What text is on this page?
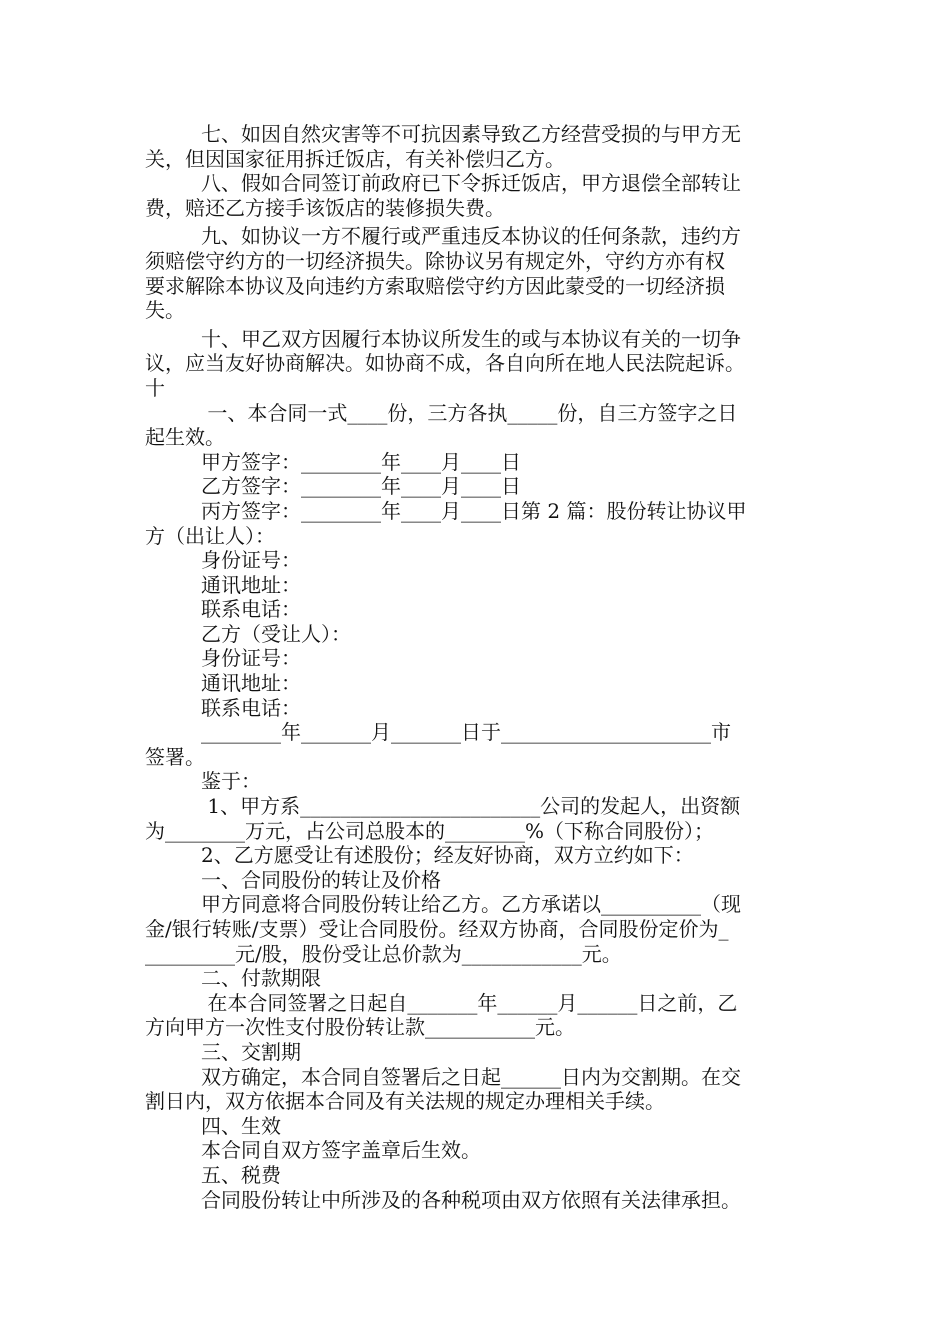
七、如因自然灾害等不可抗因素导致乙方经营受损的与甲方无
关，但因国家征用拆迁饭店，有关补偿归乙方。
八、假如合同签订前政府已下令拆迁饭店，甲方退偿全部转让
费，赔还乙方接手该饭店的装修损失费。
九、如协议一方不履行或严重违反本协议的任何条款，违约方
须赔偿守约方的一切经济损失。除协议另有规定外，守约方亦有权
要求解除本协议及向违约方索取赔偿守约方因此蒙受的一切经济损
失。
十、甲乙双方因履行本协议所发生的或与本协议有关的一切争
议，应当友好协商解决。如协商不成，各自向所在地人民法院起诉。
十
一、本合同一式____份，三方各执_____份，自三方签字之日
起生效。
甲方签字：________年____月____日
乙方签字：________年____月____日
丙方签字：________年____月____日第 2 篇：股份转让协议甲
方（出让人）：
身份证号：
通讯地址：
联系电话：
乙方（受让人）：
身份证号：
通讯地址：
联系电话：
________年_______月_______日于_____________________市
签署。
鉴于：
1、甲方系________________________公司的发起人，出资额
为________万元，占公司总股本的________%（下称合同股份）；
2、乙方愿受让有述股份；经友好协商，双方立约如下：
一、合同股份的转让及价格
甲方同意将合同股份转让给乙方。乙方承诺以__________（现
金/银行转账/支票）受让合同股份。经双方协商，合同股份定价为_
_________元/股，股份受让总价款为____________元。
二、付款期限
在本合同签署之日起自_______年______月______日之前，乙
方向甲方一次性支付股份转让款___________元。
三、交割期
双方确定，本合同自签署后之日起______日内为交割期。在交
割日内，双方依据本合同及有关法规的规定办理相关手续。
四、生效
本合同自双方签字盖章后生效。
五、税费
合同股份转让中所涉及的各种税项由双方依照有关法律承担。
